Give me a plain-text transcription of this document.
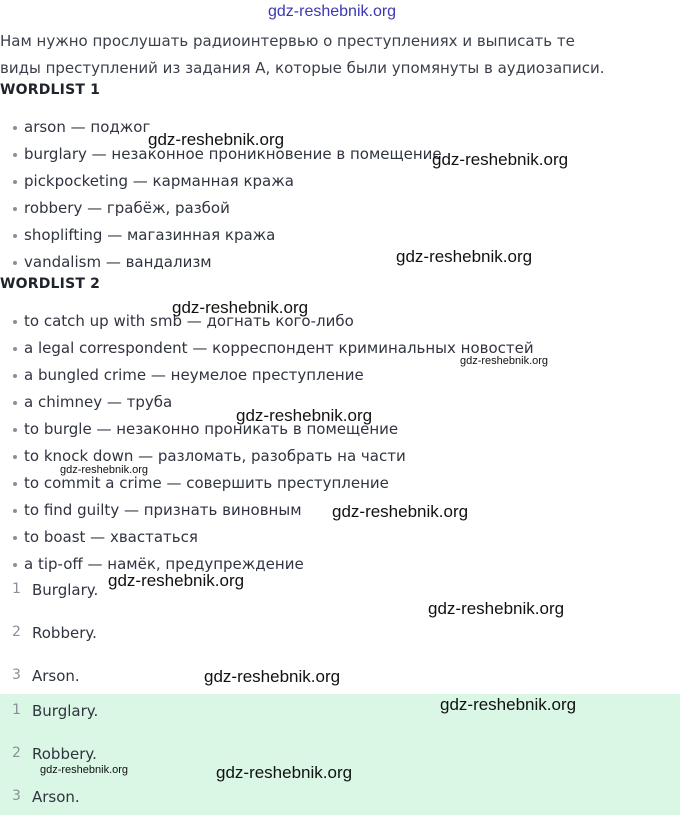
gdz-reshebnik.org
Нам нужно прослушать радиоинтервью о преступлениях и выписать те виды преступлений из задания А, которые были упомянуты в аудиозаписи.
WORDLIST 1
arson — поджог
burglary — незаконное проникновение в помещение
pickpocketing — карманная кража
robbery — грабёж, разбой
shoplifting — магазинная кража
vandalism — вандализм
WORDLIST 2
to catch up with smb — догнать кого-либо
a legal correspondent — корреспондент криминальных новостей
a bungled crime — неумелое преступление
a chimney — труба
to burgle — незаконно проникать в помещение
to knock down — разломать, разобрать на части
to commit a crime — совершить преступление
to find guilty — признать виновным
to boast — хвастаться
a tip-off — намёк, предупреждение
1 Burglary.
2 Robbery.
3 Arson.
1 Burglary.
2 Robbery.
3 Arson.
gdz-reshebnik.org
gdz-reshebnik.org
gdz-reshebnik.org
gdz-reshebnik.org
gdz-reshebnik.org
gdz-reshebnik.org
gdz-reshebnik.org
gdz-reshebnik.org
gdz-reshebnik.org
gdz-reshebnik.org
gdz-reshebnik.org
gdz-reshebnik.org
gdz-reshebnik.org	gdz-reshebnik.org
